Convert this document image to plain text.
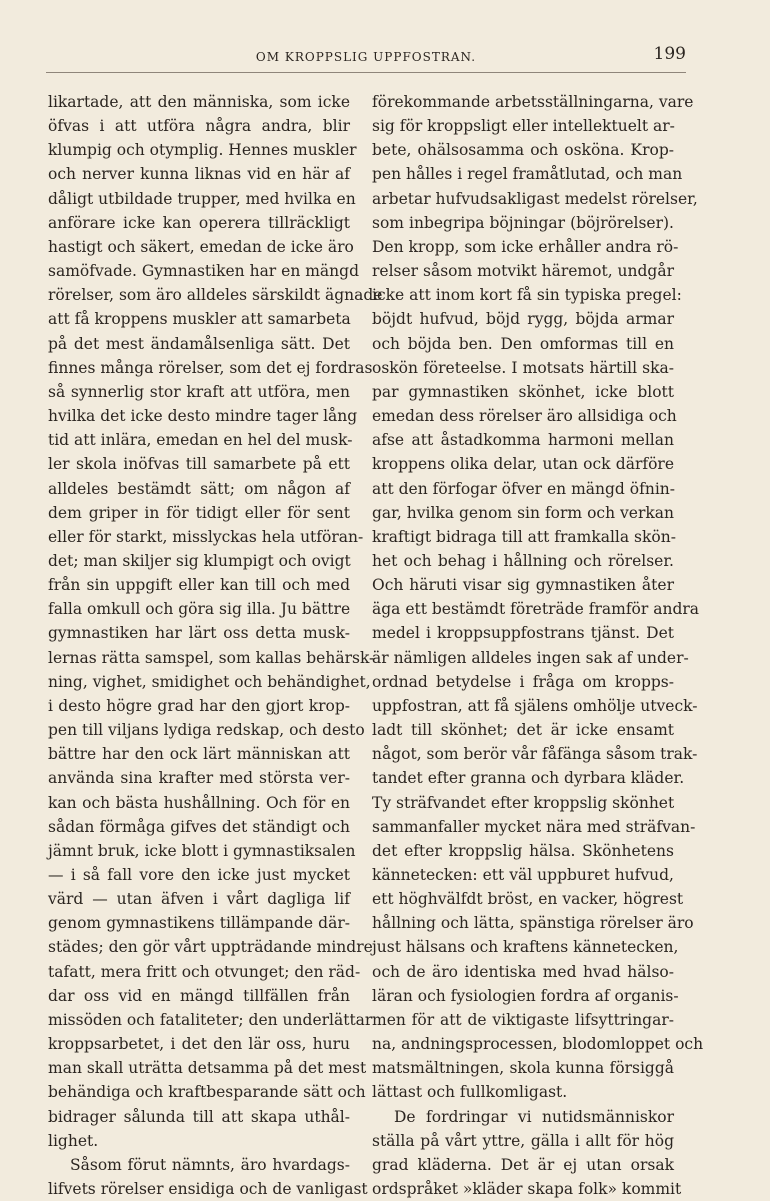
OM KROPPSLIG UPPFOSTRAN.	199
likartade, att den människa, som icke
öfvas i att utföra några andra, blir
klumpig och otymplig. Hennes muskler
och nerver kunna liknas vid en här af
dåligt utbildade trupper, med hvilka en
anförare icke kan operera tillräckligt
hastigt och säkert, emedan de icke äro
samöfvade. Gymnastiken har en mängd
rörelser, som äro alldeles särskildt ägnade
att få kroppens muskler att samarbeta
på det mest ändamålsenliga sätt. Det
finnes många rörelser, som det ej fordras
så synnerlig stor kraft att utföra, men
hvilka det icke desto mindre tager lång
tid att inlära, emedan en hel del musk-
ler skola inöfvas till samarbete på ett
alldeles bestämdt sätt; om någon af
dem griper in för tidigt eller för sent
eller för starkt, misslyckas hela utföran-
det; man skiljer sig klumpigt och ovigt
från sin uppgift eller kan till och med
falla omkull och göra sig illa. Ju bättre
gymnastiken har lärt oss detta musk-
lernas rätta samspel, som kallas behärsk-
ning, vighet, smidighet och behändighet,
i desto högre grad har den gjort krop-
pen till viljans lydiga redskap, och desto
bättre har den ock lärt människan att
använda sina krafter med största ver-
kan och bästa hushållning. Och för en
sådan förmåga gifves det ständigt och
jämnt bruk, icke blott i gymnastiksalen
— i så fall vore den icke just mycket
värd — utan äfven i vårt dagliga lif
genom gymnastikens tillämpande där-
städes; den gör vårt uppträdande mindre
tafatt, mera fritt och otvunget; den räd-
dar oss vid en mängd tillfällen från
missöden och fataliteter; den underlättar
kroppsarbetet, i det den lär oss, huru
man skall uträtta detsamma på det mest
behändiga och kraftbesparande sätt och
bidrager sålunda till att skapa uthål-
lighet.
Såsom förut nämnts, äro hvardags-
lifvets rörelser ensidiga och de vanligast
förekommande arbetsställningarna, vare
sig för kroppsligt eller intellektuelt ar-
bete, ohälsosamma och osköna. Krop-
pen hålles i regel framåtlutad, och man
arbetar hufvudsakligast medelst rörelser,
som inbegripa böjningar (böjrörelser).
Den kropp, som icke erhåller andra rö-
relser såsom motvikt häremot, undgår
icke att inom kort få sin typiska pregel:
böjdt hufvud, böjd rygg, böjda armar
och böjda ben. Den omformas till en
oskön företeelse. I motsats härtill ska-
par gymnastiken skönhet, icke blott
emedan dess rörelser äro allsidiga och
afse att åstadkomma harmoni mellan
kroppens olika delar, utan ock därföre
att den förfogar öfver en mängd öfnin-
gar, hvilka genom sin form och verkan
kraftigt bidraga till att framkalla skön-
het och behag i hållning och rörelser.
Och häruti visar sig gymnastiken åter
äga ett bestämdt företräde framför andra
medel i kroppsuppfostrans tjänst. Det
är nämligen alldeles ingen sak af under-
ordnad betydelse i fråga om kropps-
uppfostran, att få själens omhölje utveck-
ladt till skönhet; det är icke ensamt
något, som berör vår fåfänga såsom trak-
tandet efter granna och dyrbara kläder.
Ty sträfvandet efter kroppslig skönhet
sammanfaller mycket nära med sträfvan-
det efter kroppslig hälsa. Skönhetens
kännetecken: ett väl uppburet hufvud,
ett höghvälfdt bröst, en vacker, högrest
hållning och lätta, spänstiga rörelser äro
just hälsans och kraftens kännetecken,
och de äro identiska med hvad hälso-
läran och fysiologien fordra af organis-
men för att de viktigaste lifsyttringar-
na, andningsprocessen, blodomloppet och
matsmältningen, skola kunna försiggå
lättast och fullkomligast.
De fordringar vi nutidsmänniskor
ställa på vårt yttre, gälla i allt för hög
grad kläderna. Det är ej utan orsak
ordspråket »kläder skapa folk» kommit
